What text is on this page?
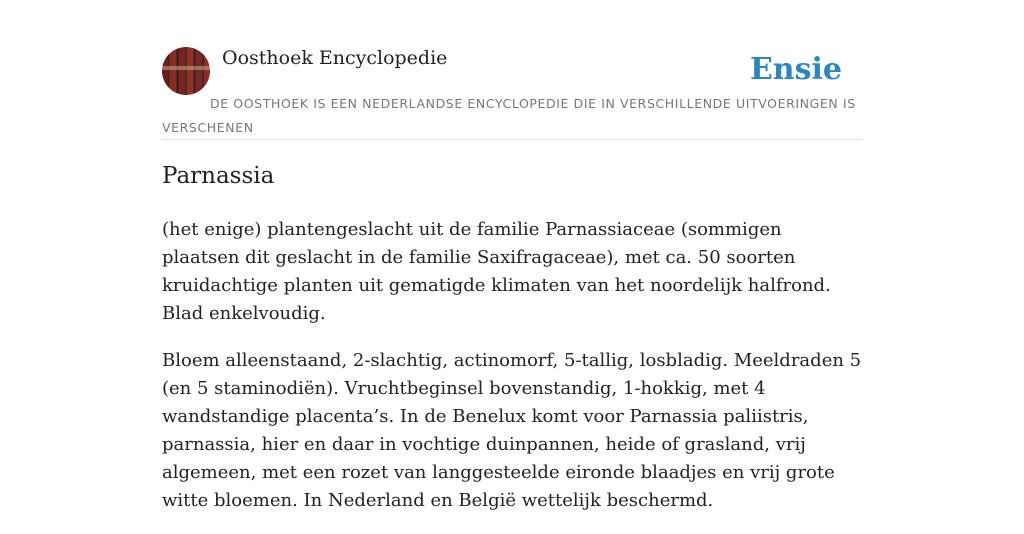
Oosthoek Encyclopedie	Ensie
DE OOSTHOEK IS EEN NEDERLANDSE ENCYCLOPEDIE DIE IN VERSCHILLENDE UITVOERINGEN IS VERSCHENEN
Parnassia

(het enige) plantengeslacht uit de familie Parnassiaceae (sommigen plaatsen dit geslacht in de familie Saxifragaceae), met ca. 50 soorten kruidachtige planten uit gematigde klimaten van het noordelijk halfrond. Blad enkelvoudig.

Bloem alleenstaand, 2-slachtig, actinomorf, 5-tallig, losbladig. Meeldraden 5 (en 5 staminodiën). Vruchtbeginsel bovenstandig, 1-hokkig, met 4 wandstandige placenta’s. In de Benelux komt voor Parnassia paliistris, parnassia, hier en daar in vochtige duinpannen, heide of grasland, vrij algemeen, met een rozet van langgesteelde eironde blaadjes en vrij grote witte bloemen. In Nederland en België wettelijk beschermd.
